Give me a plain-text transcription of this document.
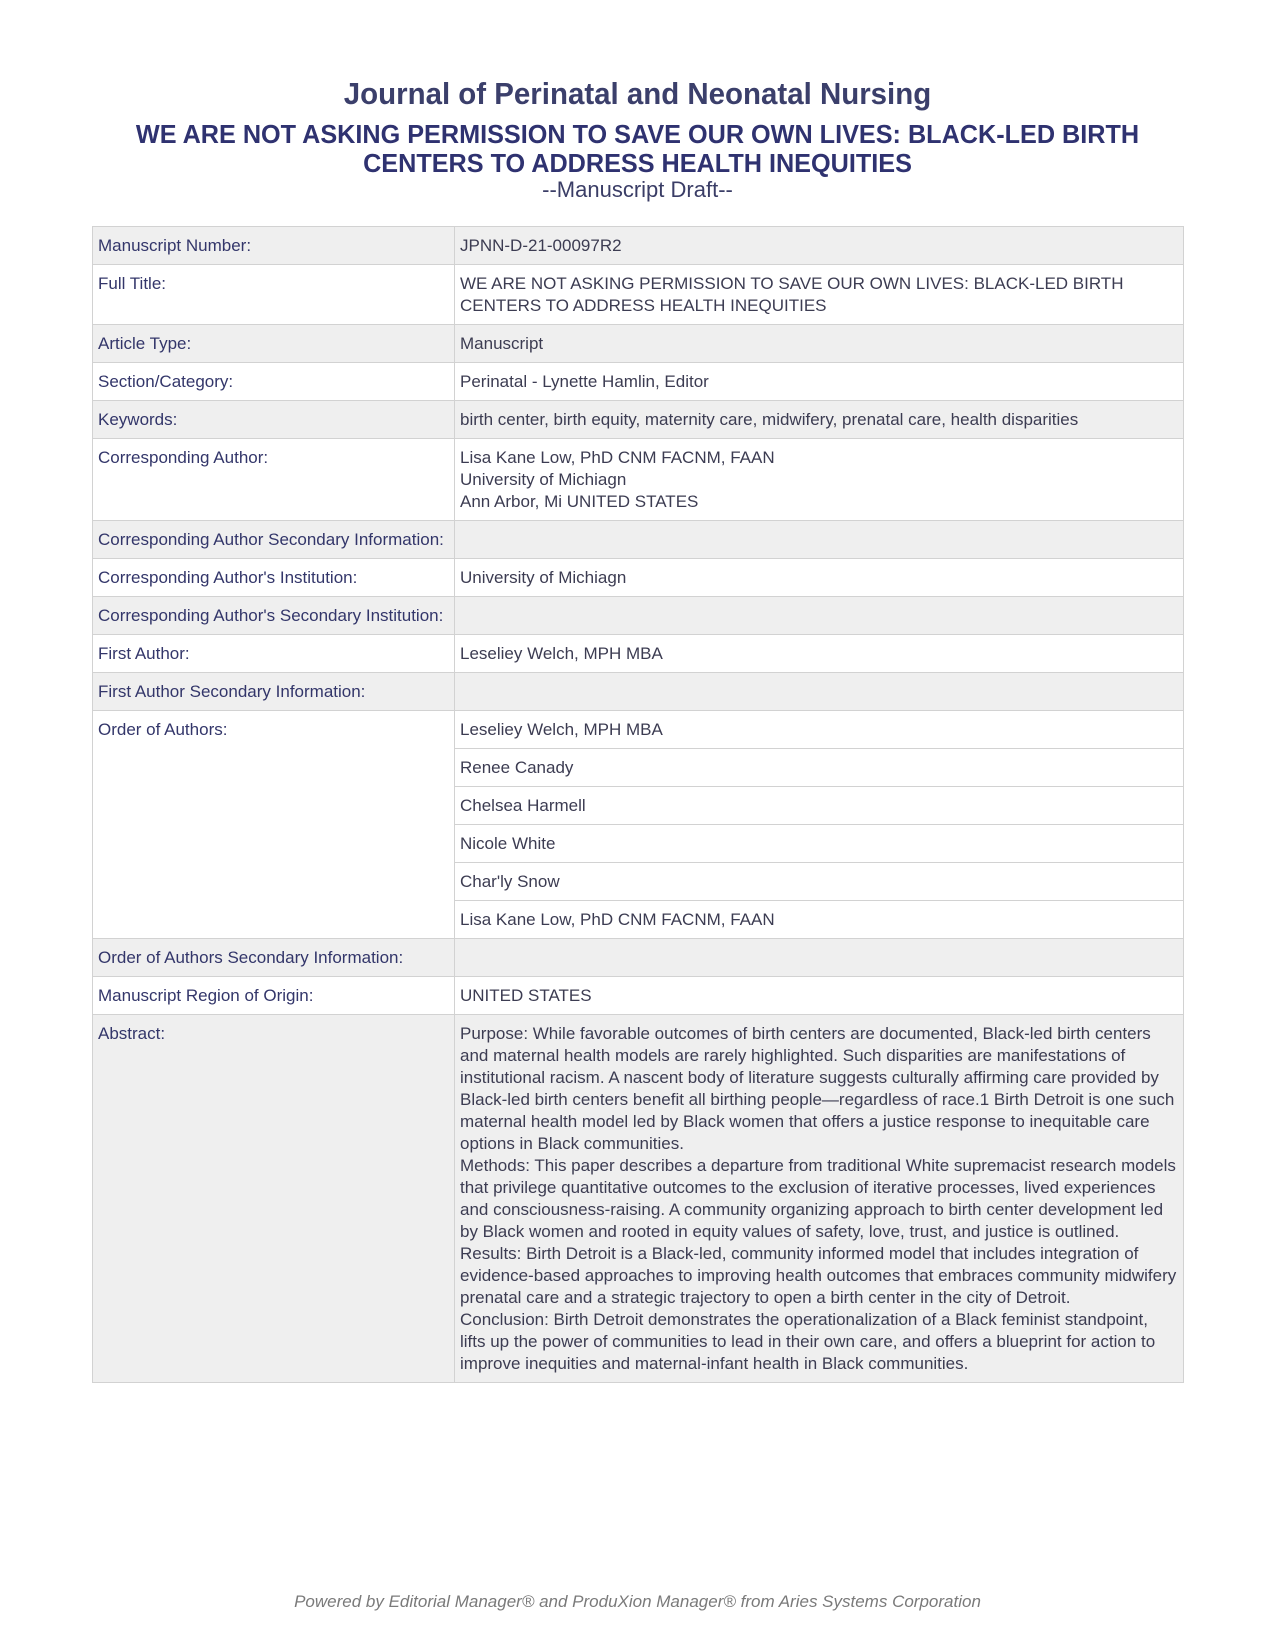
Journal of Perinatal and Neonatal Nursing
WE ARE NOT ASKING PERMISSION TO SAVE OUR OWN LIVES: BLACK-LED BIRTH CENTERS TO ADDRESS HEALTH INEQUITIES
--Manuscript Draft--
Manuscript Number:	JPNN-D-21-00097R2
Full Title:	WE ARE NOT ASKING PERMISSION TO SAVE OUR OWN LIVES: BLACK-LED BIRTH CENTERS TO ADDRESS HEALTH INEQUITIES
Article Type:	Manuscript
Section/Category:	Perinatal - Lynette Hamlin, Editor
Keywords:	birth center, birth equity, maternity care, midwifery, prenatal care, health disparities
Corresponding Author:	Lisa Kane Low, PhD CNM FACNM, FAAN
University of Michiagn
Ann Arbor, Mi UNITED STATES

Corresponding Author Secondary Information:	
Corresponding Author's Institution:	University of Michiagn
Corresponding Author's Secondary Institution:	
First Author:	Leseliey Welch, MPH MBA
First Author Secondary Information:	
Order of Authors:	Leseliey Welch, MPH MBA
	Renee Canady
	Chelsea Harmell
	Nicole White
	Char'ly Snow
	Lisa Kane Low, PhD CNM FACNM, FAAN
Order of Authors Secondary Information:	
Manuscript Region of Origin:	UNITED STATES
Abstract:	Purpose: While favorable outcomes of birth centers are documented, Black-led birth centers and maternal health models are rarely highlighted. Such disparities are manifestations of institutional racism. A nascent body of literature suggests culturally affirming care provided by Black-led birth centers benefit all birthing people—regardless of race.1 Birth Detroit is one such maternal health model led by Black women that offers a justice response to inequitable care options in Black communities.
Methods: This paper describes a departure from traditional White supremacist research models that privilege quantitative outcomes to the exclusion of iterative processes, lived experiences and consciousness-raising. A community organizing approach to birth center development led by Black women and rooted in equity values of safety, love, trust, and justice is outlined.
Results: Birth Detroit is a Black-led, community informed model that includes integration of evidence-based approaches to improving health outcomes that embraces community midwifery prenatal care and a strategic trajectory to open a birth center in the city of Detroit.
Conclusion: Birth Detroit demonstrates the operationalization of a Black feminist standpoint, lifts up the power of communities to lead in their own care, and offers a blueprint for action to improve inequities and maternal-infant health in Black communities.
Powered by Editorial Manager® and ProduXion Manager® from Aries Systems Corporation
